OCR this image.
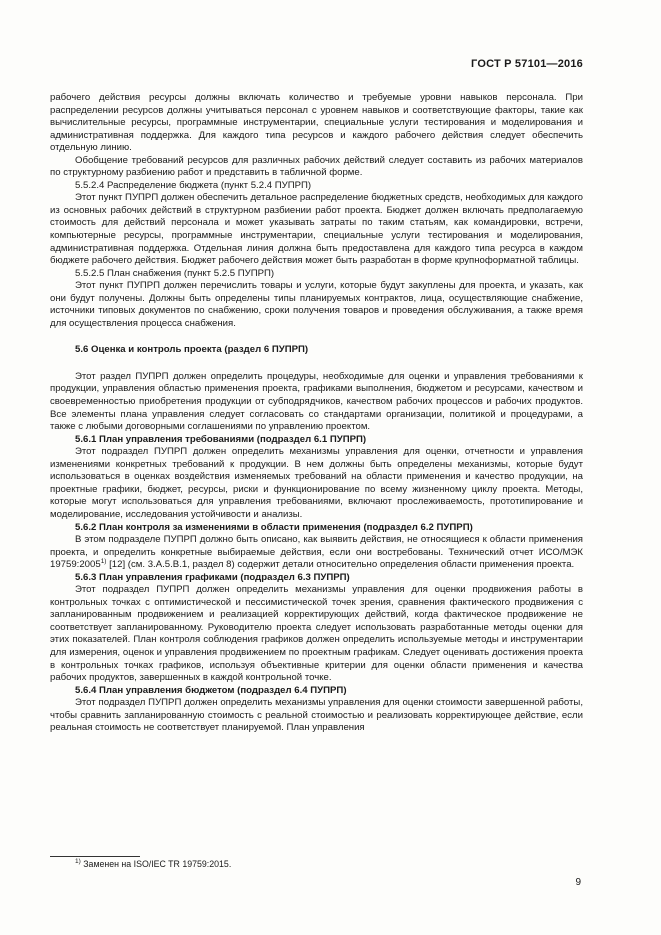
ГОСТ Р 57101—2016

рабочего действия ресурсы должны включать количество и требуемые уровни навыков персонала. При распределении ресурсов должны учитываться персонал с уровнем навыков и соответствующие факторы, такие как вычислительные ресурсы, программные инструментарии, специальные услуги тестирования и моделирования и административная поддержка. Для каждого типа ресурсов и каждого рабочего действия следует обеспечить отдельную линию.

Обобщение требований ресурсов для различных рабочих действий следует составить из рабочих материалов по структурному разбиению работ и представить в табличной форме.

5.5.2.4 Распределение бюджета (пункт 5.2.4 ПУПРП)

Этот пункт ПУПРП должен обеспечить детальное распределение бюджетных средств, необходимых для каждого из основных рабочих действий в структурном разбиении работ проекта. Бюджет должен включать предполагаемую стоимость для действий персонала и может указывать затраты по таким статьям, как командировки, встречи, компьютерные ресурсы, программные инструментарии, специальные услуги тестирования и моделирования, административная поддержка. Отдельная линия должна быть предоставлена для каждого типа ресурса в каждом бюджете рабочего действия. Бюджет рабочего действия может быть разработан в форме крупноформатной таблицы.

5.5.2.5 План снабжения (пункт 5.2.5 ПУПРП)

Этот пункт ПУПРП должен перечислить товары и услуги, которые будут закуплены для проекта, и указать, как они будут получены. Должны быть определены типы планируемых контрактов, лица, осуществляющие снабжение, источники типовых документов по снабжению, сроки получения товаров и проведения обслуживания, а также время для осуществления процесса снабжения.

5.6 Оценка и контроль проекта (раздел 6 ПУПРП)

Этот раздел ПУПРП должен определить процедуры, необходимые для оценки и управления требованиями к продукции, управления областью применения проекта, графиками выполнения, бюджетом и ресурсами, качеством и своевременностью приобретения продукции от субподрядчиков, качеством рабочих процессов и рабочих продуктов. Все элементы плана управления следует согласовать со стандартами организации, политикой и процедурами, а также с любыми договорными соглашениями по управлению проектом.

5.6.1 План управления требованиями (подраздел 6.1 ПУПРП)

Этот подраздел ПУПРП должен определить механизмы управления для оценки, отчетности и управления изменениями конкретных требований к продукции. В нем должны быть определены механизмы, которые будут использоваться в оценках воздействия изменяемых требований на области применения и качество продукции, на проектные графики, бюджет, ресурсы, риски и функционирование по всему жизненному циклу проекта. Методы, которые могут использоваться для управления требованиями, включают прослеживаемость, прототипирование и моделирование, исследования устойчивости и анализы.

5.6.2 План контроля за изменениями в области применения (подраздел 6.2 ПУПРП)

В этом подразделе ПУПРП должно быть описано, как выявить действия, не относящиеся к области применения проекта, и определить конкретные выбираемые действия, если они востребованы. Технический отчет ИСО/МЭК 19759:2005$^{1)}$ [12] (см. 3.А.5.В.1, раздел 8) содержит детали относительно определения области применения проекта.

5.6.3 План управления графиками (подраздел 6.3 ПУПРП)

Этот подраздел ПУПРП должен определить механизмы управления для оценки продвижения работы в контрольных точках с оптимистической и пессимистической точек зрения, сравнения фактического продвижения с запланированным продвижением и реализацией корректирующих действий, когда фактическое продвижение не соответствует запланированному. Руководителю проекта следует использовать разработанные методы оценки для этих показателей. План контроля соблюдения графиков должен определить используемые методы и инструментарии для измерения, оценок и управления продвижением по проектным графикам. Следует оценивать достижения проекта в контрольных точках графиков, используя объективные критерии для оценки области применения и качества рабочих продуктов, завершенных в каждой контрольной точке.

5.6.4 План управления бюджетом (подраздел 6.4 ПУПРП)

Этот подраздел ПУПРП должен определить механизмы управления для оценки стоимости завершенной работы, чтобы сравнить запланированную стоимость с реальной стоимостью и реализовать корректирующее действие, если реальная стоимость не соответствует планируемой. План управления

$^{1)}$ Заменен на ISO/IEC TR 19759:2015.
9
